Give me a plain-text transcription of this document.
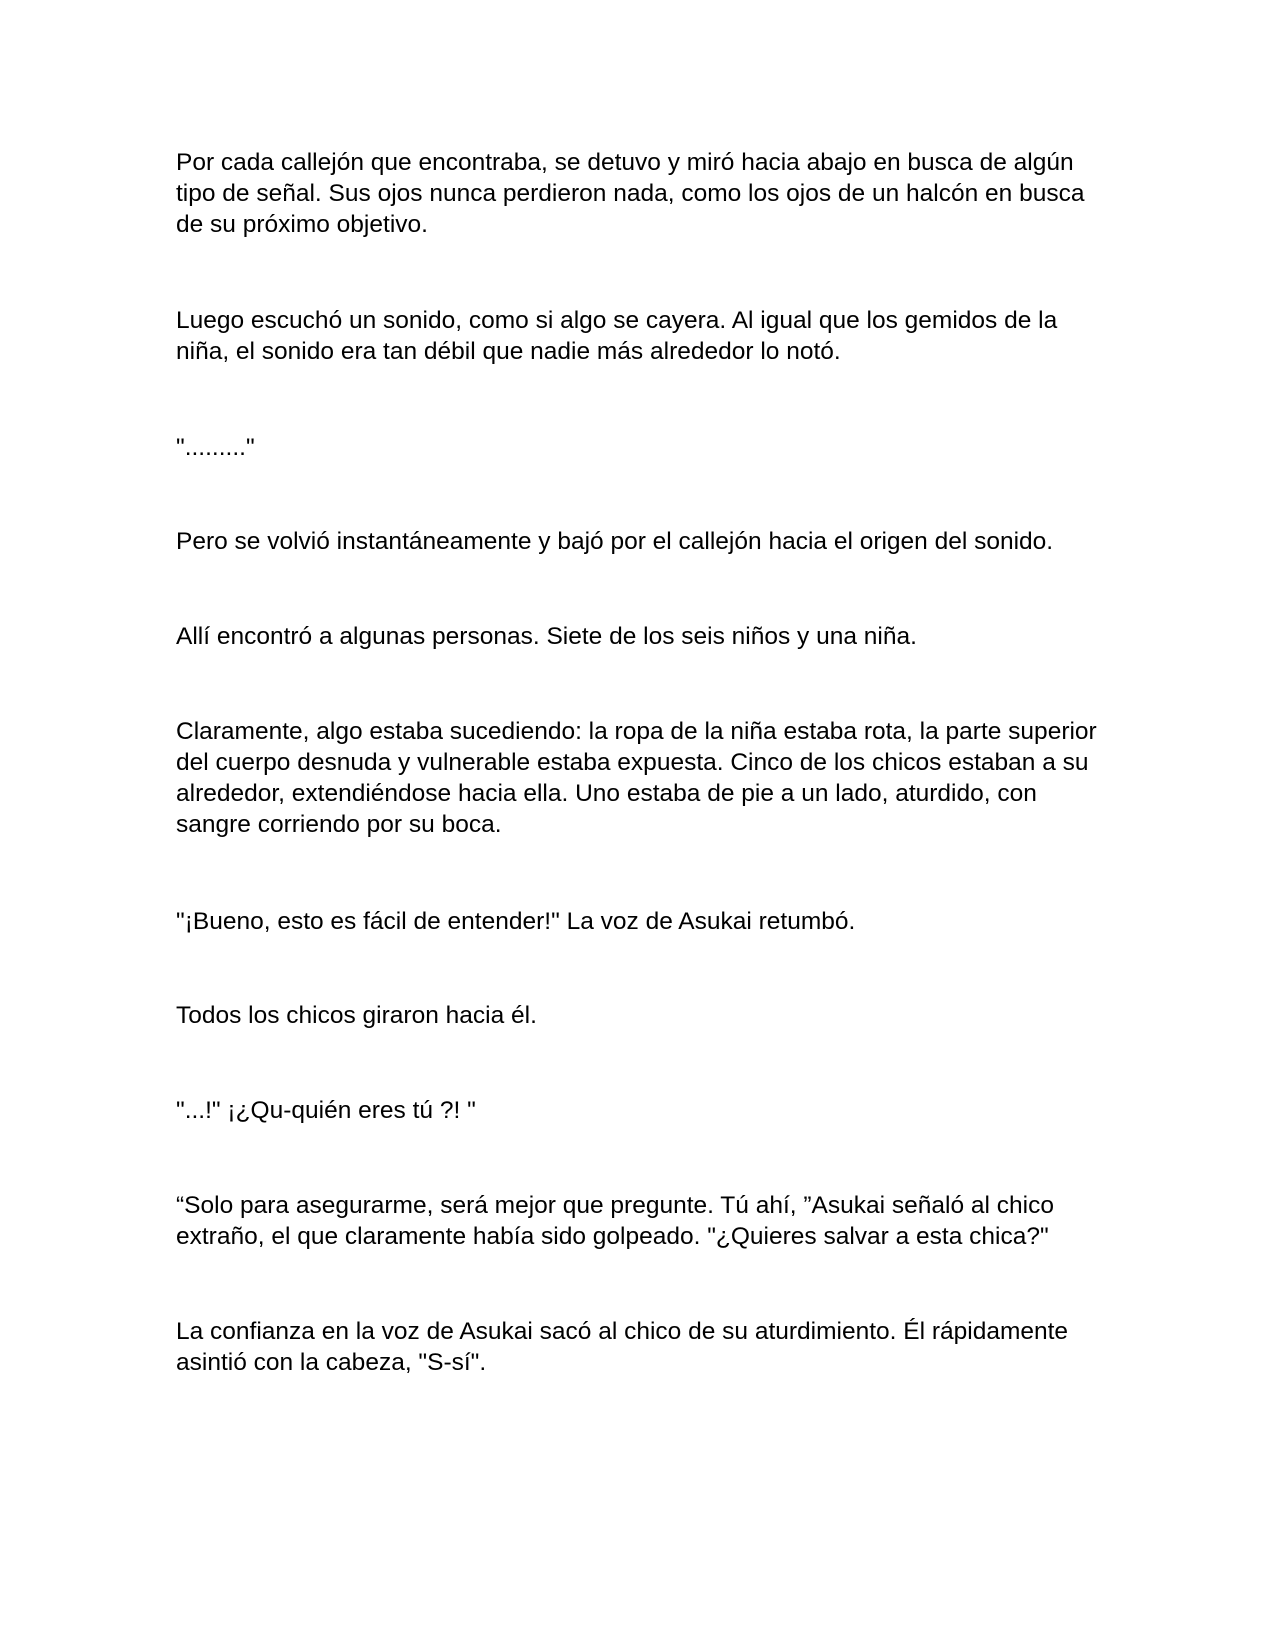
Por cada callejón que encontraba, se detuvo y miró hacia abajo en busca de algún tipo de señal. Sus ojos nunca perdieron nada, como los ojos de un halcón en busca de su próximo objetivo.

Luego escuchó un sonido, como si algo se cayera. Al igual que los gemidos de la niña, el sonido era tan débil que nadie más alrededor lo notó.

"........."

Pero se volvió instantáneamente y bajó por el callejón hacia el origen del sonido.

Allí encontró a algunas personas. Siete de los seis niños y una niña.

Claramente, algo estaba sucediendo: la ropa de la niña estaba rota, la parte superior del cuerpo desnuda y vulnerable estaba expuesta. Cinco de los chicos estaban a su alrededor, extendiéndose hacia ella. Uno estaba de pie a un lado, aturdido, con sangre corriendo por su boca.

"¡Bueno, esto es fácil de entender!" La voz de Asukai retumbó.

Todos los chicos giraron hacia él.

"...!" ¡¿Qu-quién eres tú ?! "

“Solo para asegurarme, será mejor que pregunte. Tú ahí, ”Asukai señaló al chico extraño, el que claramente había sido golpeado. "¿Quieres salvar a esta chica?"

La confianza en la voz de Asukai sacó al chico de su aturdimiento. Él rápidamente asintió con la cabeza, "S-sí".
